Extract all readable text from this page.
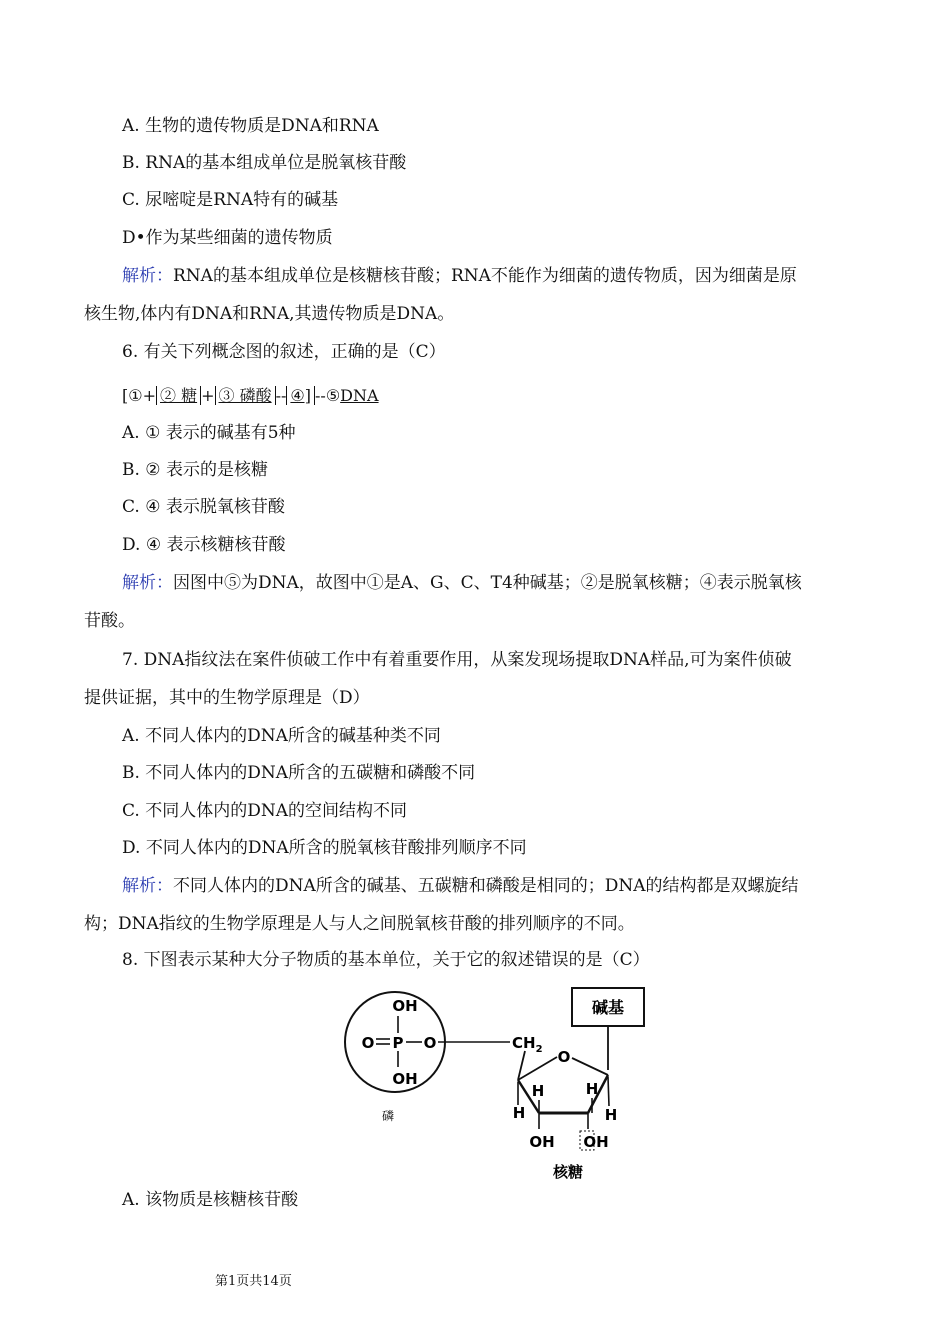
A. 生物的遗传物质是DNA和RNA
B. RNA的基本组成单位是脱氧核苷酸
C. 尿嘧啶是RNA特有的碱基
D•作为某些细菌的遗传物质
解析：RNA的基本组成单位是核糖核苷酸；RNA不能作为细菌的遗传物质，因为细菌是原
核生物,体内有DNA和RNA,其遗传物质是DNA。
6. 有关下列概念图的叙述，正确的是（C）
[①+ ② 糖 + ③ 磷酸 -- ④] --⑤DNA
A. ① 表示的碱基有5种
B. ② 表示的是核糖
C. ④ 表示脱氧核苷酸
D. ④ 表示核糖核苷酸
解析：因图中⑤为DNA，故图中①是A、G、C、T4种碱基；②是脱氧核糖；④表示脱氧核
苷酸。
7. DNA指纹法在案件侦破工作中有着重要作用，从案发现场提取DNA样品,可为案件侦破
提供证据，其中的生物学原理是（D）
A. 不同人体内的DNA所含的碱基种类不同
B. 不同人体内的DNA所含的五碳糖和磷酸不同
C. 不同人体内的DNA的空间结构不同
D. 不同人体内的DNA所含的脱氧核苷酸排列顺序不同
解析：不同人体内的DNA所含的碱基、五碳糖和磷酸是相同的；DNA的结构都是双螺旋结
构；DNA指纹的生物学原理是人与人之间脱氧核苷酸的排列顺序的不同。
8. 下图表示某种大分子物质的基本单位，关于它的叙述错误的是（C）
OH
O P O
OH
磷
$CH_2$
碱基
O
H	H
H	H
OH OH
核糖
A. 该物质是核糖核苷酸
第1页共14页
